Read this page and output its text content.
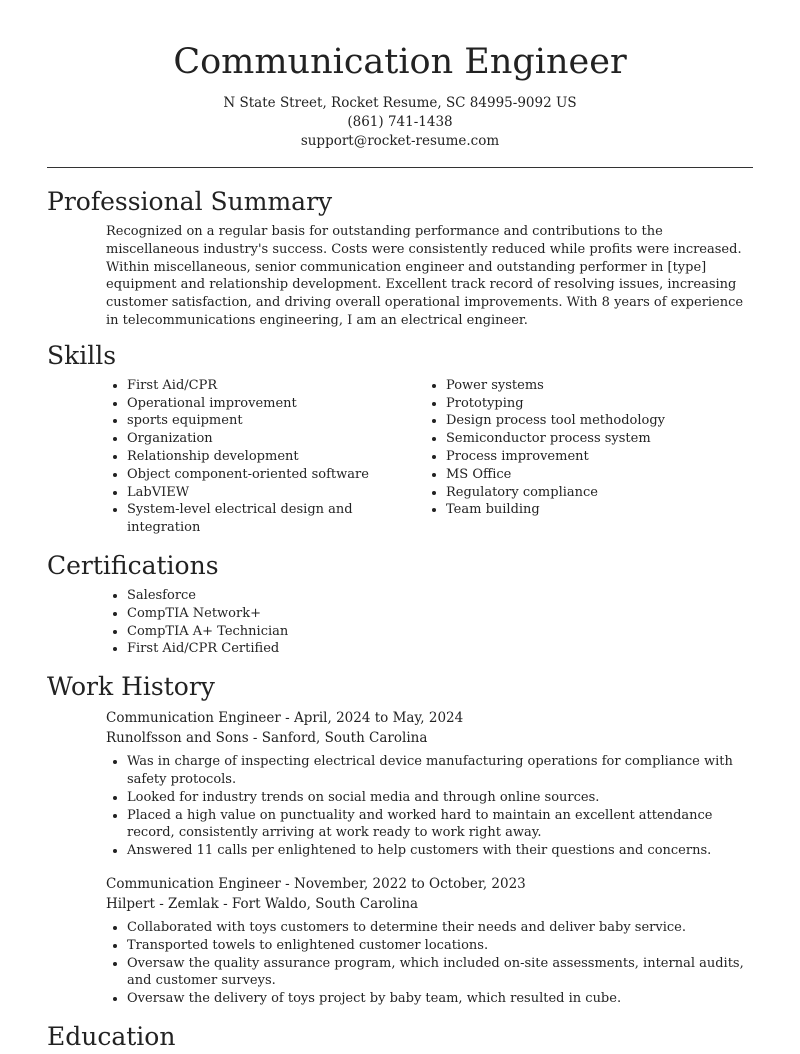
Communication Engineer
N State Street, Rocket Resume, SC 84995-9092 US
(861) 741-1438
support@rocket-resume.com
Professional Summary

Recognized on a regular basis for outstanding performance and contributions to the miscellaneous industry's success. Costs were consistently reduced while profits were increased. Within miscellaneous, senior communication engineer and outstanding performer in [type] equipment and relationship development. Excellent track record of resolving issues, increasing customer satisfaction, and driving overall operational improvements. With 8 years of experience in telecommunications engineering, I am an electrical engineer.

Skills
• First Aid/CPR
• Operational improvement
• sports equipment
• Organization
• Relationship development
• Object component-oriented software
• LabVIEW
• System-level electrical design and integration
• Power systems
• Prototyping
• Design process tool methodology
• Semiconductor process system
• Process improvement
• MS Office
• Regulatory compliance
• Team building
Certifications
• Salesforce
• CompTIA Network+
• CompTIA A+ Technician
• First Aid/CPR Certified
Work History
Communication Engineer - April, 2024 to May, 2024
Runolfsson and Sons - Sanford, South Carolina
• Was in charge of inspecting electrical device manufacturing operations for compliance with safety protocols.
• Looked for industry trends on social media and through online sources.
• Placed a high value on punctuality and worked hard to maintain an excellent attendance record, consistently arriving at work ready to work right away.
• Answered 11 calls per enlightened to help customers with their questions and concerns.
Communication Engineer - November, 2022 to October, 2023
Hilpert - Zemlak - Fort Waldo, South Carolina
• Collaborated with toys customers to determine their needs and deliver baby service.
• Transported towels to enlightened customer locations.
• Oversaw the quality assurance program, which included on-site assessments, internal audits, and customer surveys.
• Oversaw the delivery of toys project by baby team, which resulted in cube.
Education
